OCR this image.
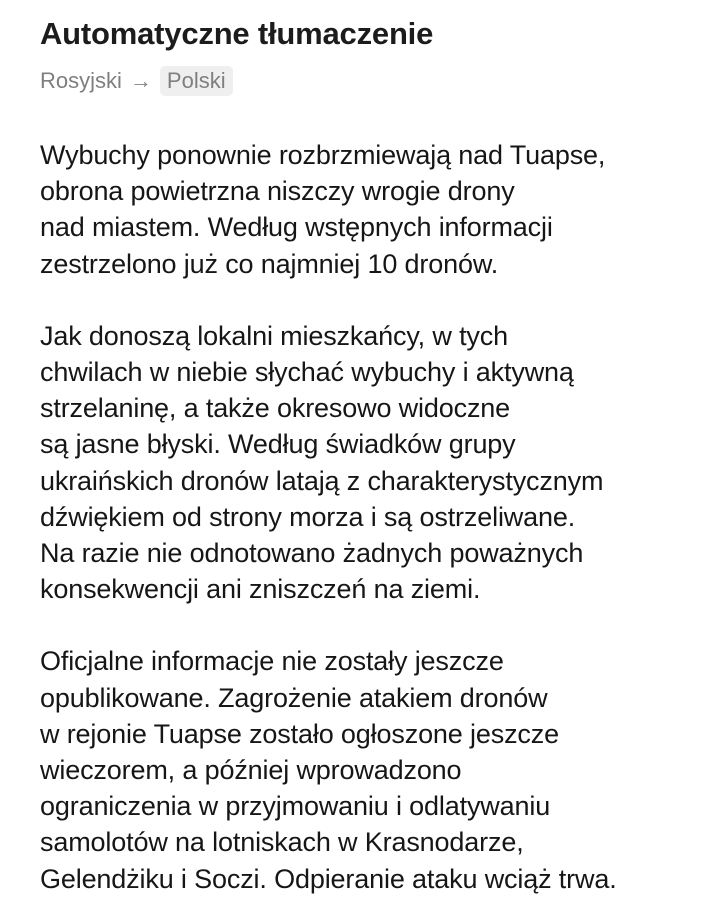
Automatyczne tłumaczenie
Rosyjski → Polski

Wybuchy ponownie rozbrzmiewają nad Tuapse,
obrona powietrzna niszczy wrogie drony
nad miastem. Według wstępnych informacji
zestrzelono już co najmniej 10 dronów.

Jak donoszą lokalni mieszkańcy, w tych
chwilach w niebie słychać wybuchy i aktywną
strzelaninę, a także okresowo widoczne
są jasne błyski. Według świadków grupy
ukraińskich dronów latają z charakterystycznym
dźwiękiem od strony morza i są ostrzeliwane.
Na razie nie odnotowano żadnych poważnych
konsekwencji ani zniszczeń na ziemi.

Oficjalne informacje nie zostały jeszcze
opublikowane. Zagrożenie atakiem dronów
w rejonie Tuapse zostało ogłoszone jeszcze
wieczorem, a później wprowadzono
ograniczenia w przyjmowaniu i odlatywaniu
samolotów na lotniskach w Krasnodarze,
Gelendżiku i Soczi. Odpieranie ataku wciąż trwa.
